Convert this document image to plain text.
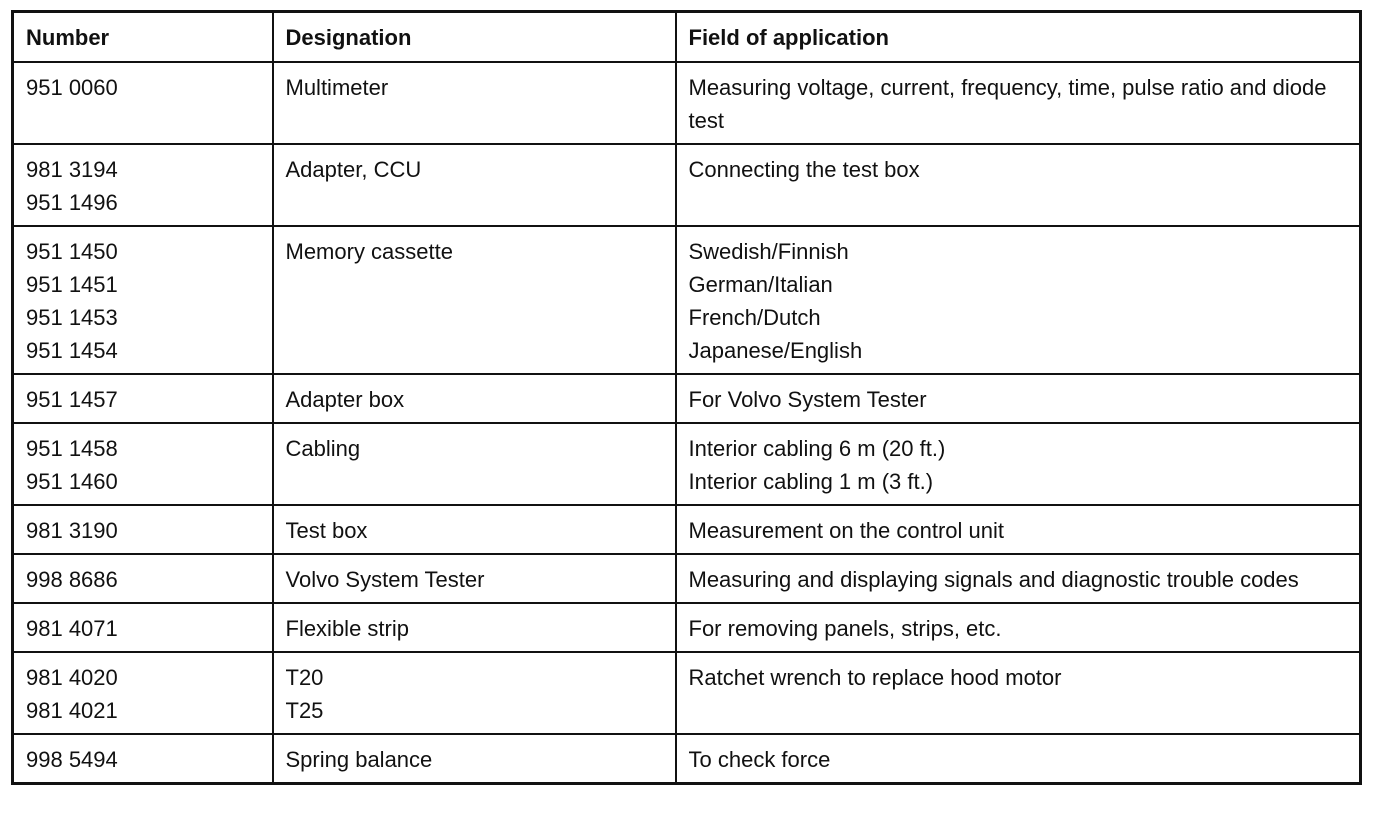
Number	Designation	Field of application

951 0060	Multimeter	Measuring voltage, current, frequency, time, pulse ratio and diode test

981 3194
951 1496	Adapter, CCU	Connecting the test box

951 1450
951 1451
951 1453
951 1454	Memory cassette	Swedish/Finnish
German/Italian
French/Dutch
Japanese/English

951 1457	Adapter box	For Volvo System Tester

951 1458
951 1460	Cabling	Interior cabling 6 m (20 ft.)
Interior cabling 1 m (3 ft.)

981 3190	Test box	Measurement on the control unit

998 8686	Volvo System Tester	Measuring and displaying signals and diagnostic trouble codes

981 4071	Flexible strip	For removing panels, strips, etc.

981 4020
981 4021	T20
T25	Ratchet wrench to replace hood motor

998 5494	Spring balance	To check force
